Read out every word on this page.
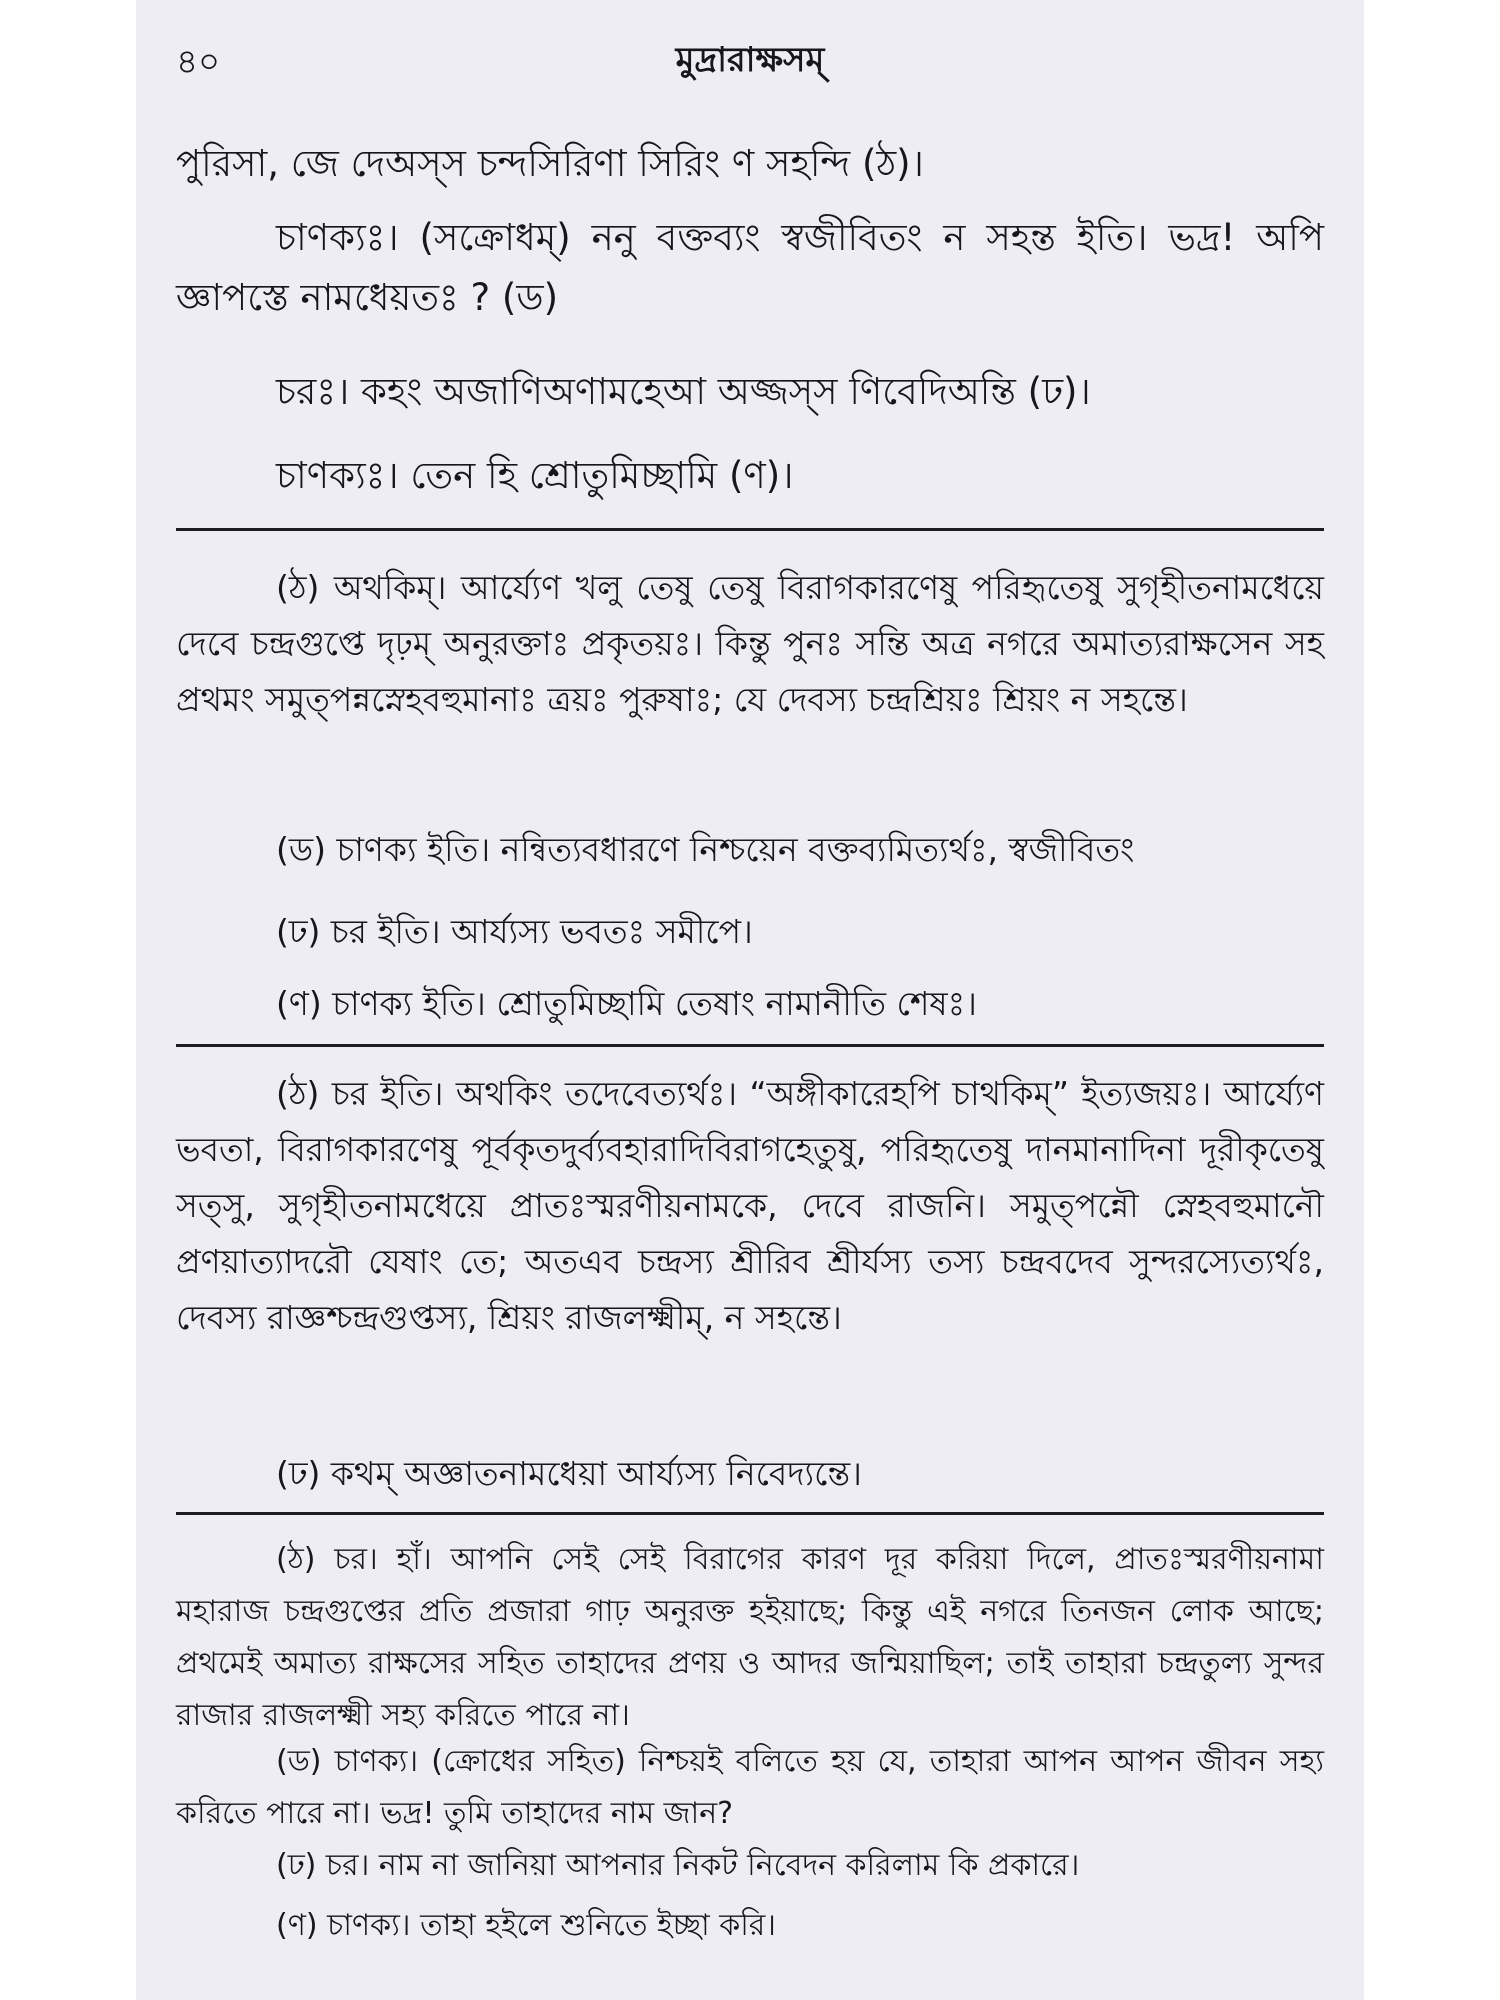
৪০	মুদ্রারাক্ষসম্

পুরিসা, জে দেঅস্স চন্দসিরিণা সিরিং ণ সহন্দি (ঠ)।

চাণক্যঃ। (সক্রোধম্) ননু বক্তব্যং স্বজীবিতং ন সহন্ত ইতি। ভদ্র! অপি জ্ঞাপস্তে নামধেয়তঃ ? (ড)

চরঃ। কহং অজাণিঅণামহেআ অজ্জস্স ণিবেদিঅন্তি (ঢ)।

চাণক্যঃ। তেন হি শ্রোতুমিচ্ছামি (ণ)।

(ঠ) অথকিম্। আর্য্যেণ খলু তেষু তেষু বিরাগকারণেষু পরিহৃতেষু সুগৃহীতনামধেয়ে দেবে চন্দ্রগুপ্তে দৃঢ়ম্ অনুরক্তাঃ প্রকৃতয়ঃ। কিন্তু পুনঃ সন্তি অত্র নগরে অমাত্যরাক্ষসেন সহ প্রথমং সমুত্পন্নস্নেহবহুমানাঃ ত্রয়ঃ পুরুষাঃ; যে দেবস্য চন্দ্রশ্রিয়ঃ শ্রিয়ং ন সহন্তে।

(ড) চাণক্য ইতি। নন্বিত্যবধারণে নিশ্চয়েন বক্তব্যমিত্যর্থঃ, স্বজীবিতং

(ঢ) চর ইতি। আর্য্যস্য ভবতঃ সমীপে।

(ণ) চাণক্য ইতি। শ্রোতুমিচ্ছামি তেষাং নামানীতি শেষঃ।

(ঠ) চর ইতি। অথকিং তদেবেত্যর্থঃ। “অঙ্গীকারেহপি চাথকিম্” ইত্যজয়ঃ। আর্য্যেণ ভবতা, বিরাগকারণেষু পূর্বকৃতদুর্ব্যবহারাদিবিরাগহেতুষু, পরিহৃতেষু দানমানাদিনা দূরীকৃতেষু সত্সু, সুগৃহীতনামধেয়ে প্রাতঃস্মরণীয়নামকে, দেবে রাজনি। সমুত্পন্নৌ স্নেহবহুমানৌ প্রণয়াত্যাদরৌ যেষাং তে; অতএব চন্দ্রস্য শ্রীরিব শ্রীর্যস্য তস্য চন্দ্রবদেব সুন্দরস্যেত্যর্থঃ, দেবস্য রাজ্ঞশ্চন্দ্রগুপ্তস্য, শ্রিয়ং রাজলক্ষ্মীম্, ন সহন্তে।

(ঢ) কথম্ অজ্ঞাতনামধেয়া আর্য্যস্য নিবেদ্যন্তে।

(ঠ) চর। হাঁ। আপনি সেই সেই বিরাগের কারণ দূর করিয়া দিলে, প্রাতঃস্মরণীয়নামা মহারাজ চন্দ্রগুপ্তের প্রতি প্রজারা গাঢ় অনুরক্ত হইয়াছে; কিন্তু এই নগরে তিনজন লোক আছে; প্রথমেই অমাত্য রাক্ষসের সহিত তাহাদের প্রণয় ও আদর জন্মিয়াছিল; তাই তাহারা চন্দ্রতুল্য সুন্দর রাজার রাজলক্ষ্মী সহ্য করিতে পারে না।

(ড) চাণক্য। (ক্রোধের সহিত) নিশ্চয়ই বলিতে হয় যে, তাহারা আপন আপন জীবন সহ্য করিতে পারে না। ভদ্র! তুমি তাহাদের নাম জান?

(ঢ) চর। নাম না জানিয়া আপনার নিকট নিবেদন করিলাম কি প্রকারে।

(ণ) চাণক্য। তাহা হইলে শুনিতে ইচ্ছা করি।
